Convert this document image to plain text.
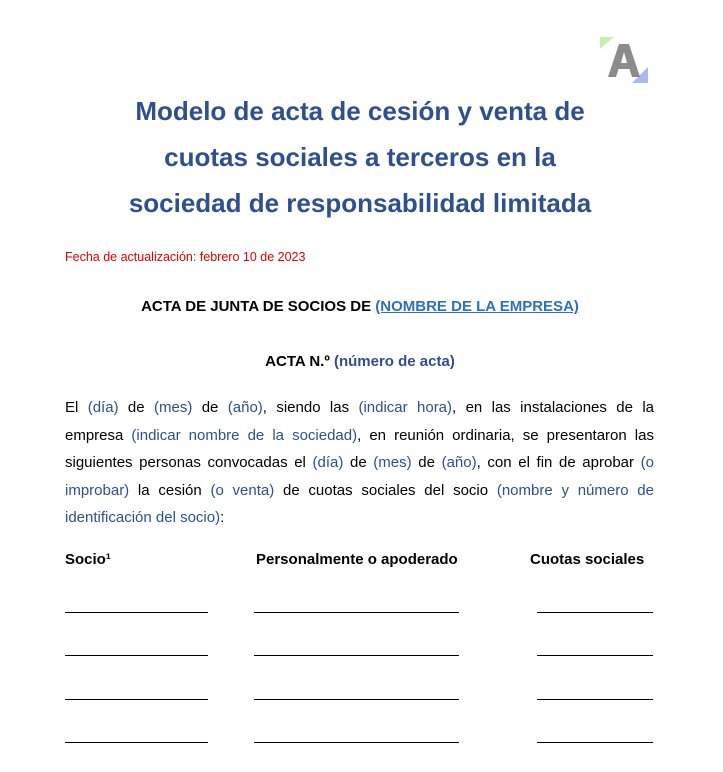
Modelo de acta de cesión y venta de
cuotas sociales a terceros en la
sociedad de responsabilidad limitada
Fecha de actualización: febrero 10 de 2023
ACTA DE JUNTA DE SOCIOS DE (NOMBRE DE LA EMPRESA)
ACTA N.º (número de acta)
El (día) de (mes) de (año), siendo las (indicar hora), en las instalaciones de la
empresa (indicar nombre de la sociedad), en reunión ordinaria, se presentaron las
siguientes personas convocadas el (día) de (mes) de (año), con el fin de aprobar (o
improbar) la cesión (o venta) de cuotas sociales del socio (nombre y número de
identificación del socio):
Socio¹	Personalmente o apoderado	Cuotas sociales
